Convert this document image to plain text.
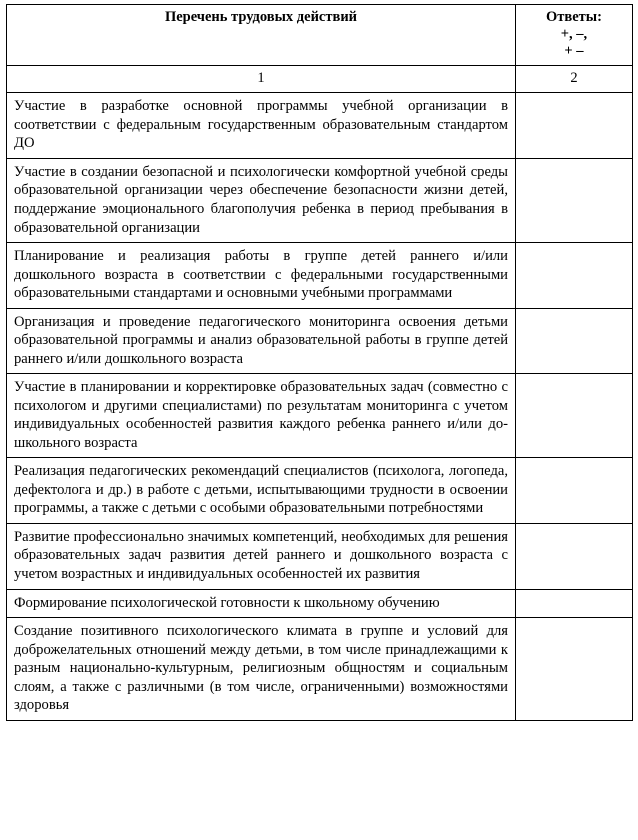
Перечень трудовых действий	Ответы:
+, –,
+ –

1	2
Участие в разработке основной программы учебной организации в соответствии с федеральным государственным образовательным стандартом ДО	
Участие в создании безопасной и психологически комфортной учебной среды образовательной организации через обеспечение безопасности жизни детей, поддержание эмоционального благополучия ребенка в период пребывания в образовательной организации	
Планирование и реализация работы в группе детей раннего и/или дошкольного возраста в соответствии с федеральными государственными образовательными стандартами и основными учебными программами	
Организация и проведение педагогического мониторинга освоения детьми образовательной программы и анализ образовательной работы в группе детей раннего и/или дошкольного возраста	
Участие в планировании и корректировке образовательных задач (совместно с психологом и другими специалистами) по результатам мониторинга с учетом индивидуальных особенностей развития каждого ребенка раннего и/или дошкольного возраста	
Реализация педагогических рекомендаций специалистов (психолога, логопеда, дефектолога и др.) в работе с детьми, испытывающими трудности в освоении программы, а также с детьми с особыми образовательными потребностями	
Развитие профессионально значимых компетенций, необходимых для решения образовательных задач развития детей раннего и дошкольного возраста с учетом возрастных и индивидуальных особенностей их развития	
Формирование психологической готовности к школьному обучению	
Создание позитивного психологического климата в группе и условий для доброжелательных отношений между детьми, в том числе принадлежащими к разным национально-культурным, религиозным общностям и социальным слоям, а также с различными (в том числе, ограниченными) возможностями здоровья	
